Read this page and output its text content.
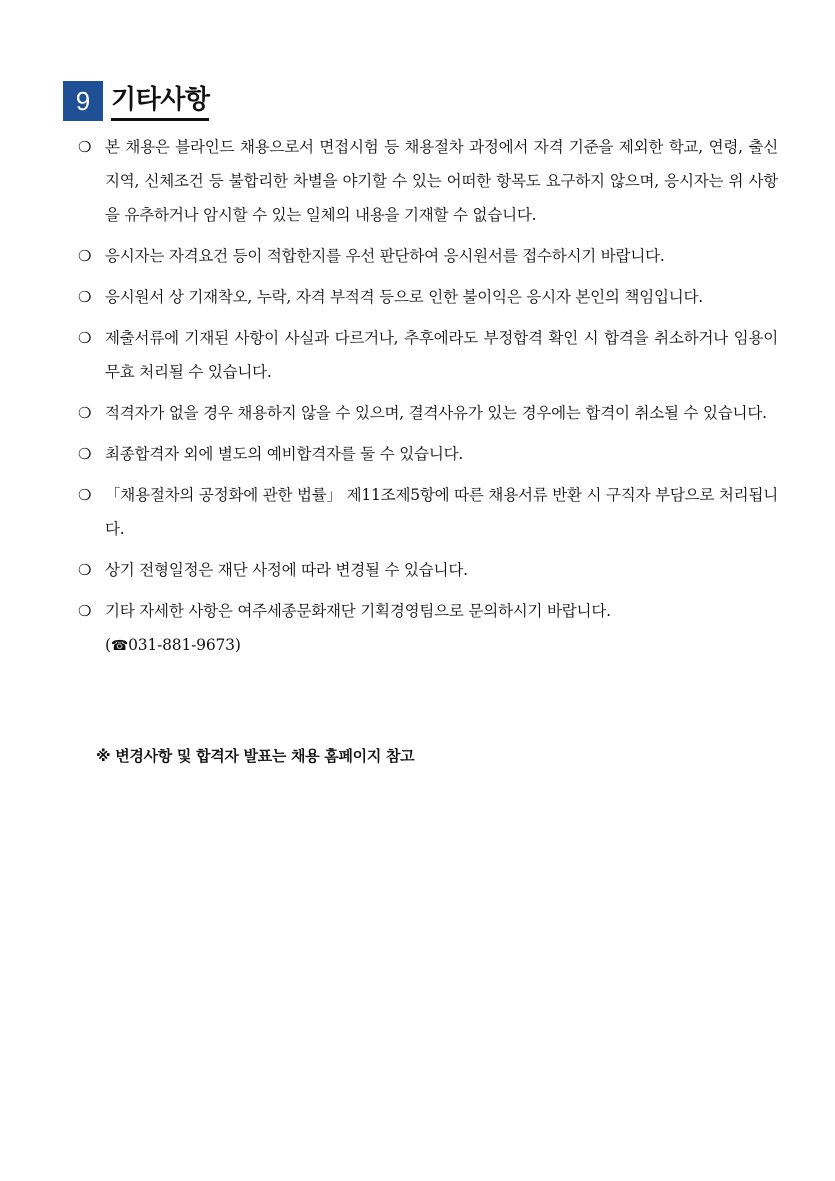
9 기타사항
❍ 본 채용은 블라인드 채용으로서 면접시험 등 채용절차 과정에서 자격 기준을 제외한 학교, 연령, 출신지역, 신체조건 등 불합리한 차별을 야기할 수 있는 어떠한 항목도 요구하지 않으며, 응시자는 위 사항을 유추하거나 암시할 수 있는 일체의 내용을 기재할 수 없습니다.
❍ 응시자는 자격요건 등이 적합한지를 우선 판단하여 응시원서를 접수하시기 바랍니다.
❍ 응시원서 상 기재착오, 누락, 자격 부적격 등으로 인한 불이익은 응시자 본인의 책임입니다.
❍ 제출서류에 기재된 사항이 사실과 다르거나, 추후에라도 부정합격 확인 시 합격을 취소하거나 임용이 무효 처리될 수 있습니다.
❍ 적격자가 없을 경우 채용하지 않을 수 있으며, 결격사유가 있는 경우에는 합격이 취소될 수 있습니다.
❍ 최종합격자 외에 별도의 예비합격자를 둘 수 있습니다.
❍ 「채용절차의 공정화에 관한 법률」 제11조제5항에 따른 채용서류 반환 시 구직자 부담으로 처리됩니다.
❍ 상기 전형일정은 재단 사정에 따라 변경될 수 있습니다.
❍ 기타 자세한 사항은 여주세종문화재단 기획경영팀으로 문의하시기 바랍니다.
(☎031-881-9673)
※ 변경사항 및 합격자 발표는 채용 홈페이지 참고
